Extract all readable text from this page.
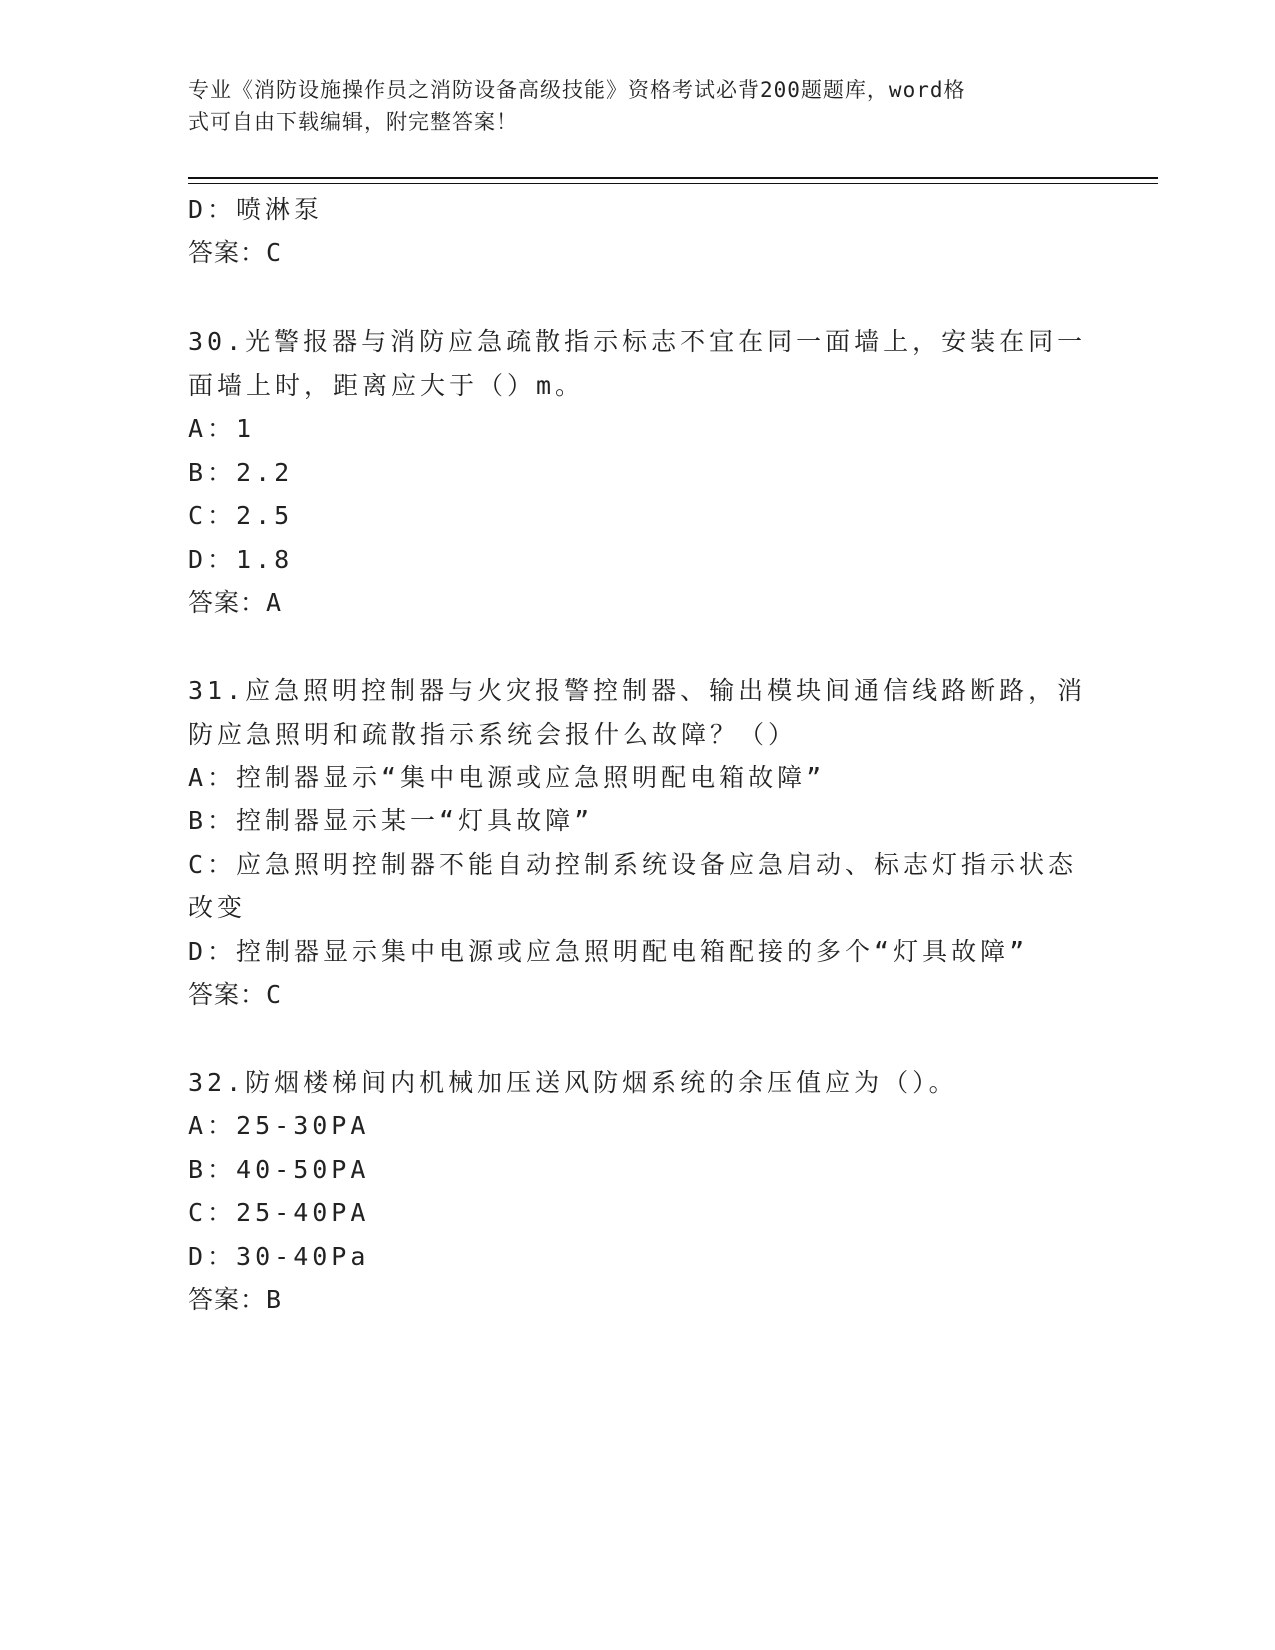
专业《消防设施操作员之消防设备高级技能》资格考试必背200题题库，word格
式可自由下载编辑，附完整答案！
D：喷淋泵
答案：C
30.光警报器与消防应急疏散指示标志不宜在同一面墙上，安装在同一
面墙上时，距离应大于（）m。
A：1
B：2.2
C：2.5
D：1.8
答案：A
31.应急照明控制器与火灾报警控制器、输出模块间通信线路断路，消
防应急照明和疏散指示系统会报什么故障？（）
A：控制器显示“集中电源或应急照明配电箱故障”
B：控制器显示某一“灯具故障”
C：应急照明控制器不能自动控制系统设备应急启动、标志灯指示状态
改变
D：控制器显示集中电源或应急照明配电箱配接的多个“灯具故障”
答案：C
32.防烟楼梯间内机械加压送风防烟系统的余压值应为（）。
A：25-30PA
B：40-50PA
C：25-40PA
D：30-40Pa
答案：B
